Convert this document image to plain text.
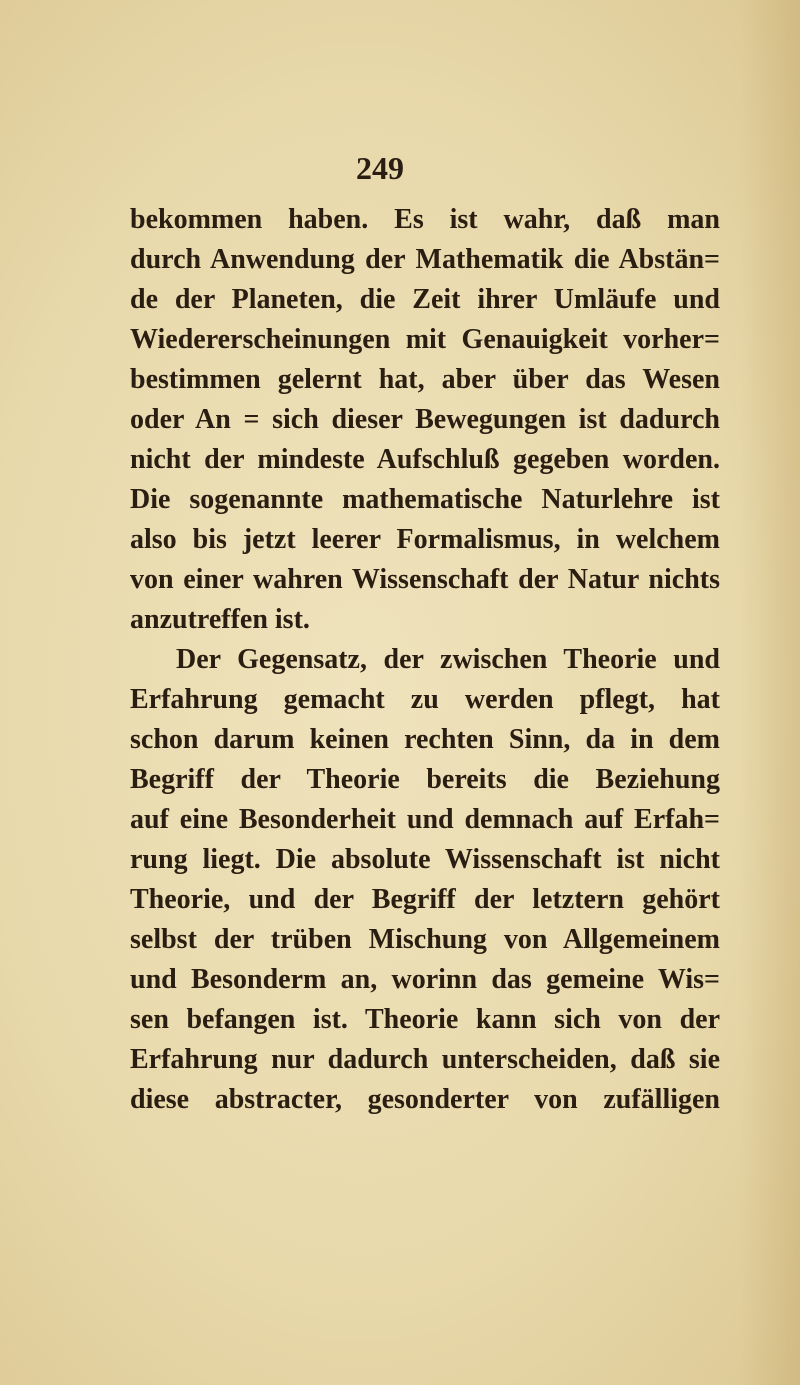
249
bekommen haben. Es ist wahr, daß man
durch Anwendung der Mathematik die Abstän=
de der Planeten, die Zeit ihrer Umläufe und
Wiedererscheinungen mit Genauigkeit vorher=
bestimmen gelernt hat, aber über das Wesen
oder An = sich dieser Bewegungen ist dadurch
nicht der mindeste Aufschluß gegeben worden.
Die sogenannte mathematische Naturlehre ist
also bis jetzt leerer Formalismus, in welchem
von einer wahren Wissenschaft der Natur nichts
anzutreffen ist.
Der Gegensatz, der zwischen Theorie und
Erfahrung gemacht zu werden pflegt, hat
schon darum keinen rechten Sinn, da in dem
Begriff der Theorie bereits die Beziehung
auf eine Besonderheit und demnach auf Erfah=
rung liegt. Die absolute Wissenschaft ist nicht
Theorie, und der Begriff der letztern gehört
selbst der trüben Mischung von Allgemeinem
und Besonderm an, worinn das gemeine Wis=
sen befangen ist. Theorie kann sich von der
Erfahrung nur dadurch unterscheiden, daß sie
diese abstracter, gesonderter von zufälligen
